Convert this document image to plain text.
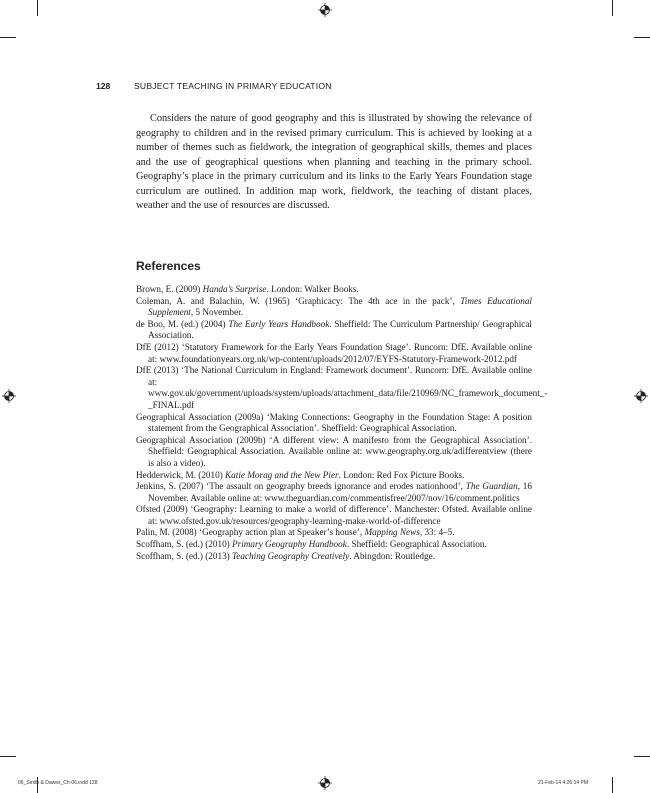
128	SUBJECT TEACHING IN PRIMARY EDUCATION

Considers the nature of good geography and this is illustrated by showing the relevance of geography to children and in the revised primary curriculum. This is achieved by looking at a number of themes such as fieldwork, the integration of geographical skills, themes and places and the use of geographical questions when planning and teaching in the primary school. Geography’s place in the primary curriculum and its links to the Early Years Foundation stage curriculum are outlined. In addition map work, fieldwork, the teaching of distant places, weather and the use of resources are discussed.

References
Brown, E. (2009) Handa’s Surprise. London: Walker Books.
Coleman, A. and Balachin, W. (1965) ‘Graphicacy: The 4th ace in the pack’, Times Educational Supplement, 5 November.
de Boo, M. (ed.) (2004) The Early Years Handbook. Sheffield: The Curriculum Partnership/ Geographical Association.
DfE (2012) ‘Statutory Framework for the Early Years Foundation Stage’. Runcorn: DfE. Available online at: www.foundationyears.org.uk/wp-content/uploads/2012/07/EYFS-Statutory-Framework-2012.pdf
DfE (2013) ‘The National Curriculum in England: Framework document’. Runcorn: DfE. Available online at: www.gov.uk/government/uploads/system/uploads/attachment_data/file/210969/NC_framework_document_-_FINAL.pdf
Geographical Association (2009a) ‘Making Connections: Geography in the Foundation Stage: A position statement from the Geographical Association’. Sheffield: Geographical Association.
Geographical Association (2009b) ‘A different view: A manifesto from the Geographical Association’. Sheffield: Geographical Association. Available online at: www.geography.org.uk/adifferentview (there is also a video).
Hedderwick, M. (2010) Katie Morag and the New Pier. London: Red Fox Picture Books.
Jenkins, S. (2007) ‘The assault on geography breeds ignorance and erodes nationhood’, The Guardian, 16 November. Available online at: www.theguardian.com/commentisfree/2007/nov/16/comment.politics
Ofsted (2009) ‘Geography: Learning to make a world of difference’. Manchester: Ofsted. Available online at: www.ofsted.gov.uk/resources/geography-learning-make-world-of-difference
Palin, M. (2008) ‘Geography action plan at Speaker’s house’, Mapping News, 33: 4–5.
Scoffham, S. (ed.) (2010) Primary Geography Handbook. Sheffield: Geographical Association.
Scoffham, S. (ed.) (2013) Teaching Geography Creatively. Abingdon: Routledge.
06_Smith & Dawes_Ch-06.indd 128	21-Feb-14 4:26:14 PM
